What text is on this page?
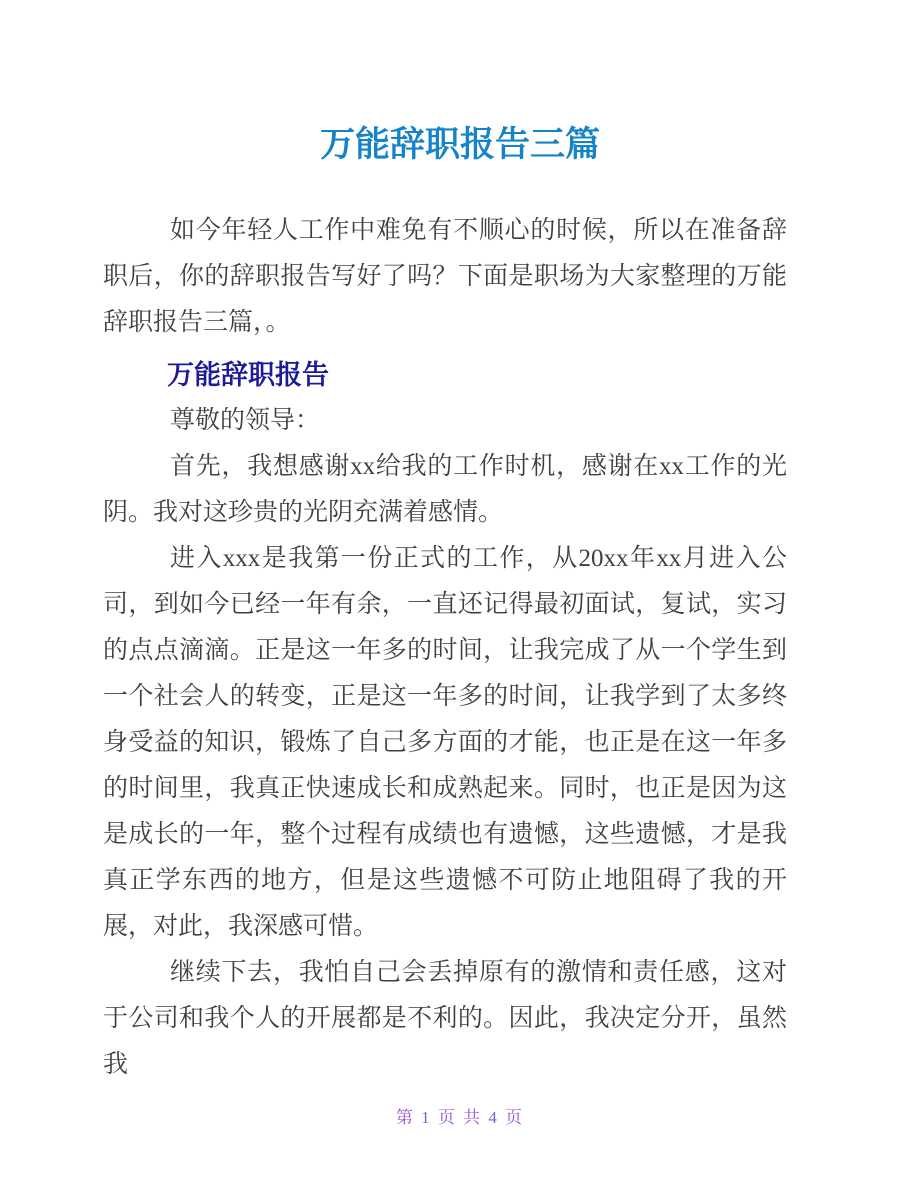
万能辞职报告三篇

如今年轻人工作中难免有不顺心的时候，所以在准备辞职后，你的辞职报告写好了吗？下面是职场为大家整理的万能辞职报告三篇，。

万能辞职报告

尊敬的领导：

首先，我想感谢xx给我的工作时机，感谢在xx工作的光阴。我对这珍贵的光阴充满着感情。

进入xxx是我第一份正式的工作，从20xx年xx月进入公司，到如今已经一年有余，一直还记得最初面试，复试，实习的点点滴滴。正是这一年多的时间，让我完成了从一个学生到一个社会人的转变，正是这一年多的时间，让我学到了太多终身受益的知识，锻炼了自己多方面的才能，也正是在这一年多的时间里，我真正快速成长和成熟起来。同时，也正是因为这是成长的一年，整个过程有成绩也有遗憾，这些遗憾，才是我真正学东西的地方，但是这些遗憾不可防止地阻碍了我的开展，对此，我深感可惜。

继续下去，我怕自己会丢掉原有的激情和责任感，这对于公司和我个人的开展都是不利的。因此，我决定分开，虽然我

第 1 页 共 4 页
